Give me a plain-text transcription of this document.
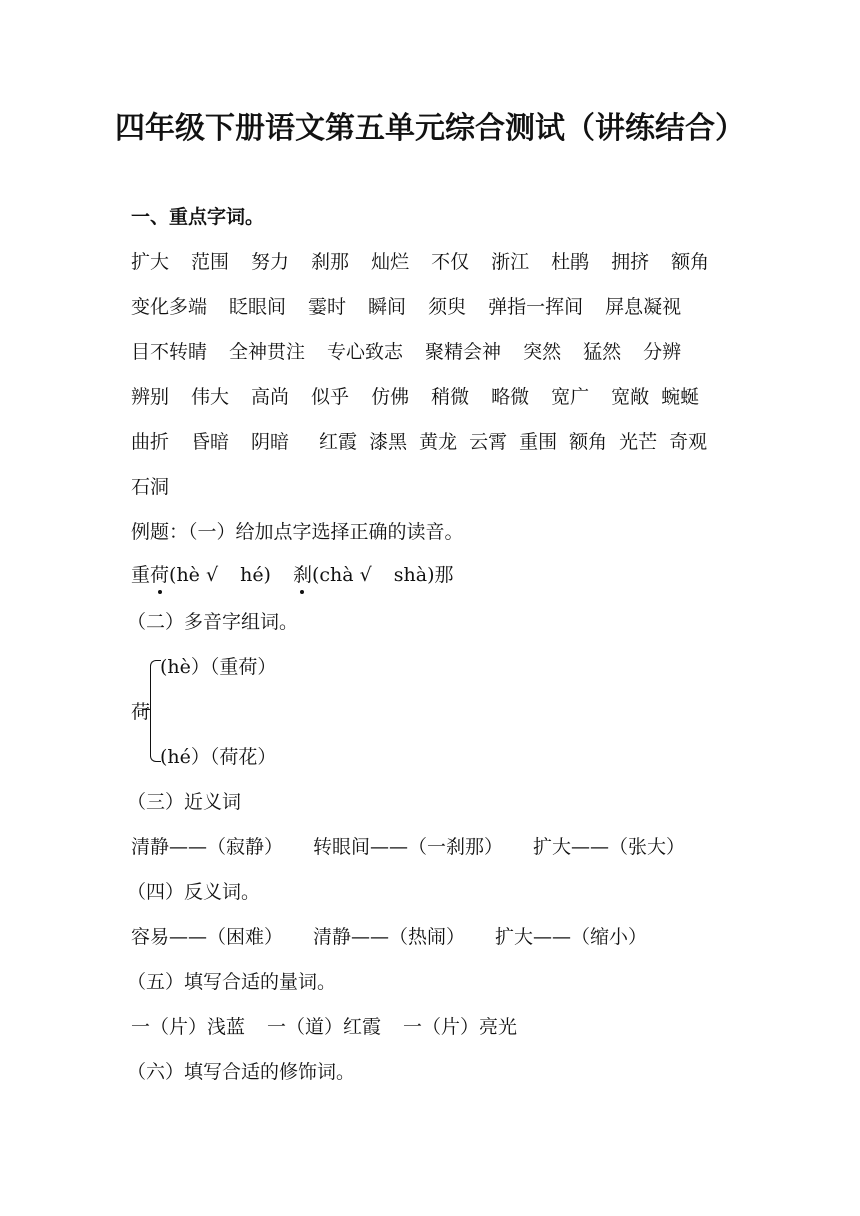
四年级下册语文第五单元综合测试（讲练结合）
一、重点字词。
扩大 范围 努力 刹那 灿烂 不仅 浙江 杜鹃 拥挤 额角
变化多端 眨眼间 霎时 瞬间 须臾 弹指一挥间 屏息凝视
目不转睛 全神贯注 专心致志 聚精会神 突然 猛然 分辨
辨别 伟大 高尚 似乎 仿佛 稍微 略微 宽广 宽敞 蜿蜒
曲折 昏暗 阴暗 红霞 漆黑 黄龙 云霄 重围 额角 光芒 奇观
石洞
例题：（一）给加点字选择正确的读音。
重荷(hè √ hé) 刹(chà √ shà)那
（二）多音字组词。
荷
(hè）（重荷）
(hé）（荷花）
（三）近义词
清静——（寂静） 转眼间——（一刹那） 扩大——（张大）
（四）反义词。
容易——（困难） 清静——（热闹） 扩大——（缩小）
（五）填写合适的量词。
一（片）浅蓝 一（道）红霞 一（片）亮光
（六）填写合适的修饰词。
